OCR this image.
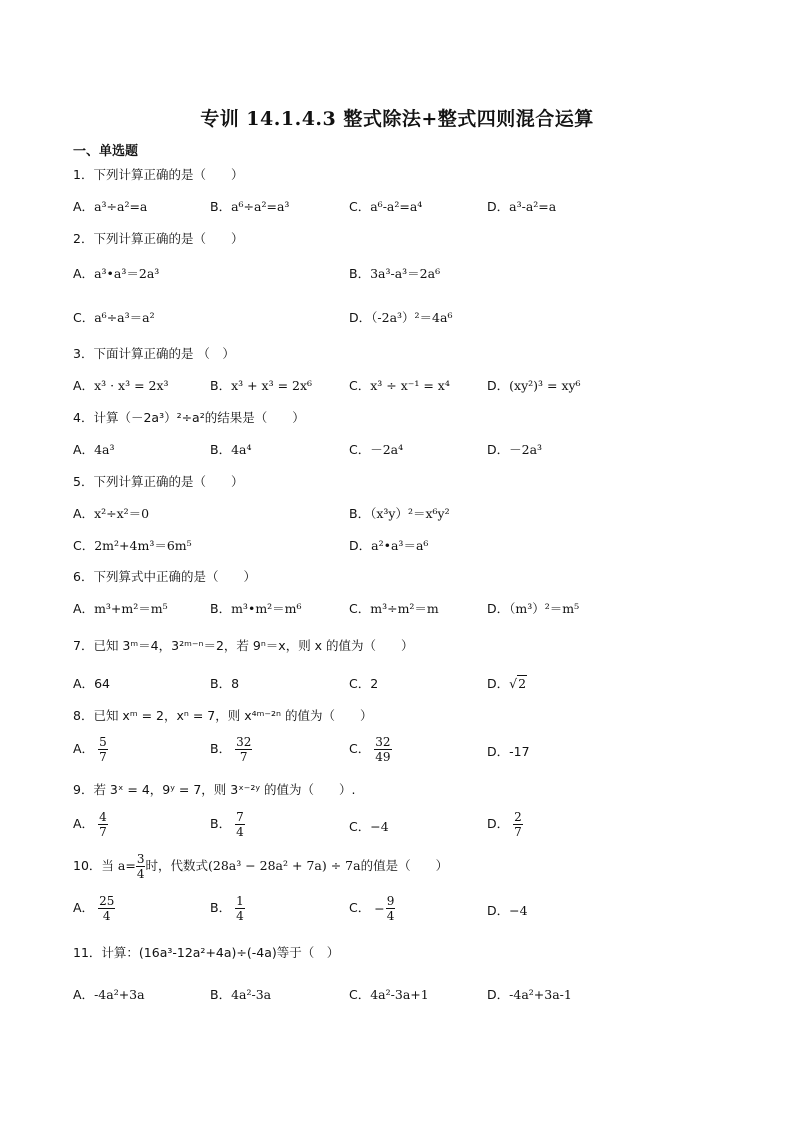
专训 14.1.4.3 整式除法+整式四则混合运算
一、单选题
1．下列计算正确的是（　　）
A．a³÷a²=a	B．a⁶÷a²=a³	C．a⁶-a²=a⁴	D．a³-a²=a
2．下列计算正确的是（　　）
A．a³•a³＝2a³	B．3a³-a³＝2a⁶
C．a⁶÷a³＝a²	D．（-2a³）²＝4a⁶
3．下面计算正确的是 （　）
A．x³ · x³ = 2x³	B．x³ + x³ = 2x⁶	C．x³ ÷ x⁻¹ = x⁴	D．(xy²)³ = xy⁶
4．计算（－2a³）²÷a²的结果是（　　）
A．4a³	B．4a⁴	C．－2a⁴	D．－2a³
5．下列计算正确的是（　　）
A．x²÷x²＝0	B．（x³y）²＝x⁶y²
C．2m²+4m³＝6m⁵	D．a²•a³＝a⁶
6．下列算式中正确的是（　　）
A．m³+m²＝m⁵	B．m³•m²＝m⁶	C．m³÷m²＝m	D．（m³）²＝m⁵
7．已知 3ᵐ＝4，3²ᵐ⁻ⁿ＝2，若 9ⁿ＝x，则 x 的值为（　　）
A．64	B．8	C．2	D．√2
8．已知 xᵐ = 2，xⁿ = 7，则 x⁴ᵐ⁻²ⁿ 的值为（　　）
A． $\frac{5}{7}$	B． $\frac{32}{7}$	C． $\frac{32}{49}$	D．-17
9．若 3ˣ = 4，9ʸ = 7，则 3ˣ⁻²ʸ 的值为（　　）.
A． $\frac{4}{7}$	B． $\frac{7}{4}$	C．−4	D． $\frac{2}{7}$
10．当 $a= \frac{3}{4}$ 时，代数式(28a³ − 28a² + 7a) ÷ 7a的值是（　　）
A． $\frac{25}{4}$	B． $\frac{1}{4}$	C． − $\frac{9}{4}$	D．−4
11．计算：(16a³-12a²+4a)÷(-4a)等于（　）
A．-4a²+3a	B．4a²-3a	C．4a²-3a+1	D．-4a²+3a-1
